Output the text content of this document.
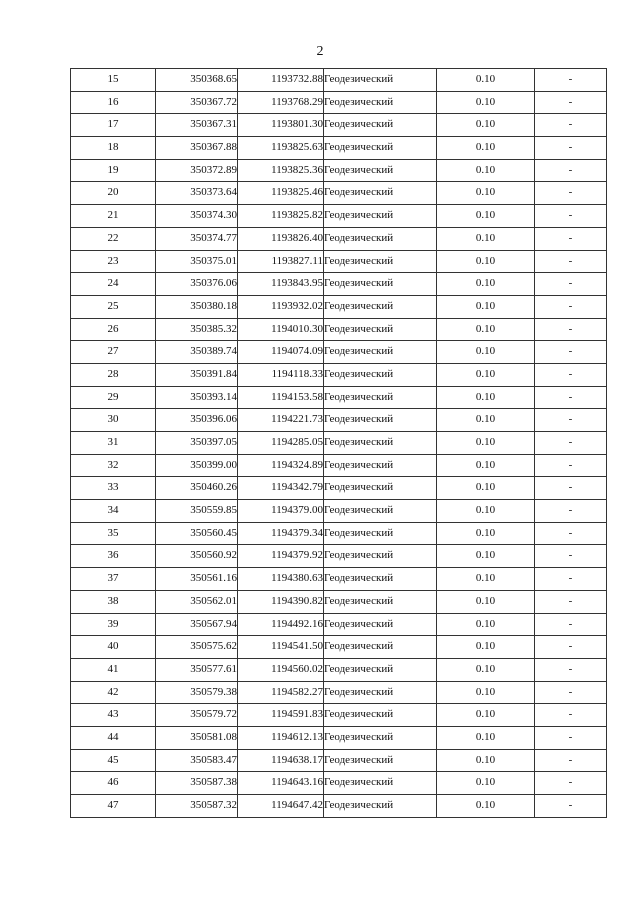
2
15	350368.65	1193732.88	Геодезический	0.10	-
16	350367.72	1193768.29	Геодезический	0.10	-
17	350367.31	1193801.30	Геодезический	0.10	-
18	350367.88	1193825.63	Геодезический	0.10	-
19	350372.89	1193825.36	Геодезический	0.10	-
20	350373.64	1193825.46	Геодезический	0.10	-
21	350374.30	1193825.82	Геодезический	0.10	-
22	350374.77	1193826.40	Геодезический	0.10	-
23	350375.01	1193827.11	Геодезический	0.10	-
24	350376.06	1193843.95	Геодезический	0.10	-
25	350380.18	1193932.02	Геодезический	0.10	-
26	350385.32	1194010.30	Геодезический	0.10	-
27	350389.74	1194074.09	Геодезический	0.10	-
28	350391.84	1194118.33	Геодезический	0.10	-
29	350393.14	1194153.58	Геодезический	0.10	-
30	350396.06	1194221.73	Геодезический	0.10	-
31	350397.05	1194285.05	Геодезический	0.10	-
32	350399.00	1194324.89	Геодезический	0.10	-
33	350460.26	1194342.79	Геодезический	0.10	-
34	350559.85	1194379.00	Геодезический	0.10	-
35	350560.45	1194379.34	Геодезический	0.10	-
36	350560.92	1194379.92	Геодезический	0.10	-
37	350561.16	1194380.63	Геодезический	0.10	-
38	350562.01	1194390.82	Геодезический	0.10	-
39	350567.94	1194492.16	Геодезический	0.10	-
40	350575.62	1194541.50	Геодезический	0.10	-
41	350577.61	1194560.02	Геодезический	0.10	-
42	350579.38	1194582.27	Геодезический	0.10	-
43	350579.72	1194591.83	Геодезический	0.10	-
44	350581.08	1194612.13	Геодезический	0.10	-
45	350583.47	1194638.17	Геодезический	0.10	-
46	350587.38	1194643.16	Геодезический	0.10	-
47	350587.32	1194647.42	Геодезический	0.10	-
